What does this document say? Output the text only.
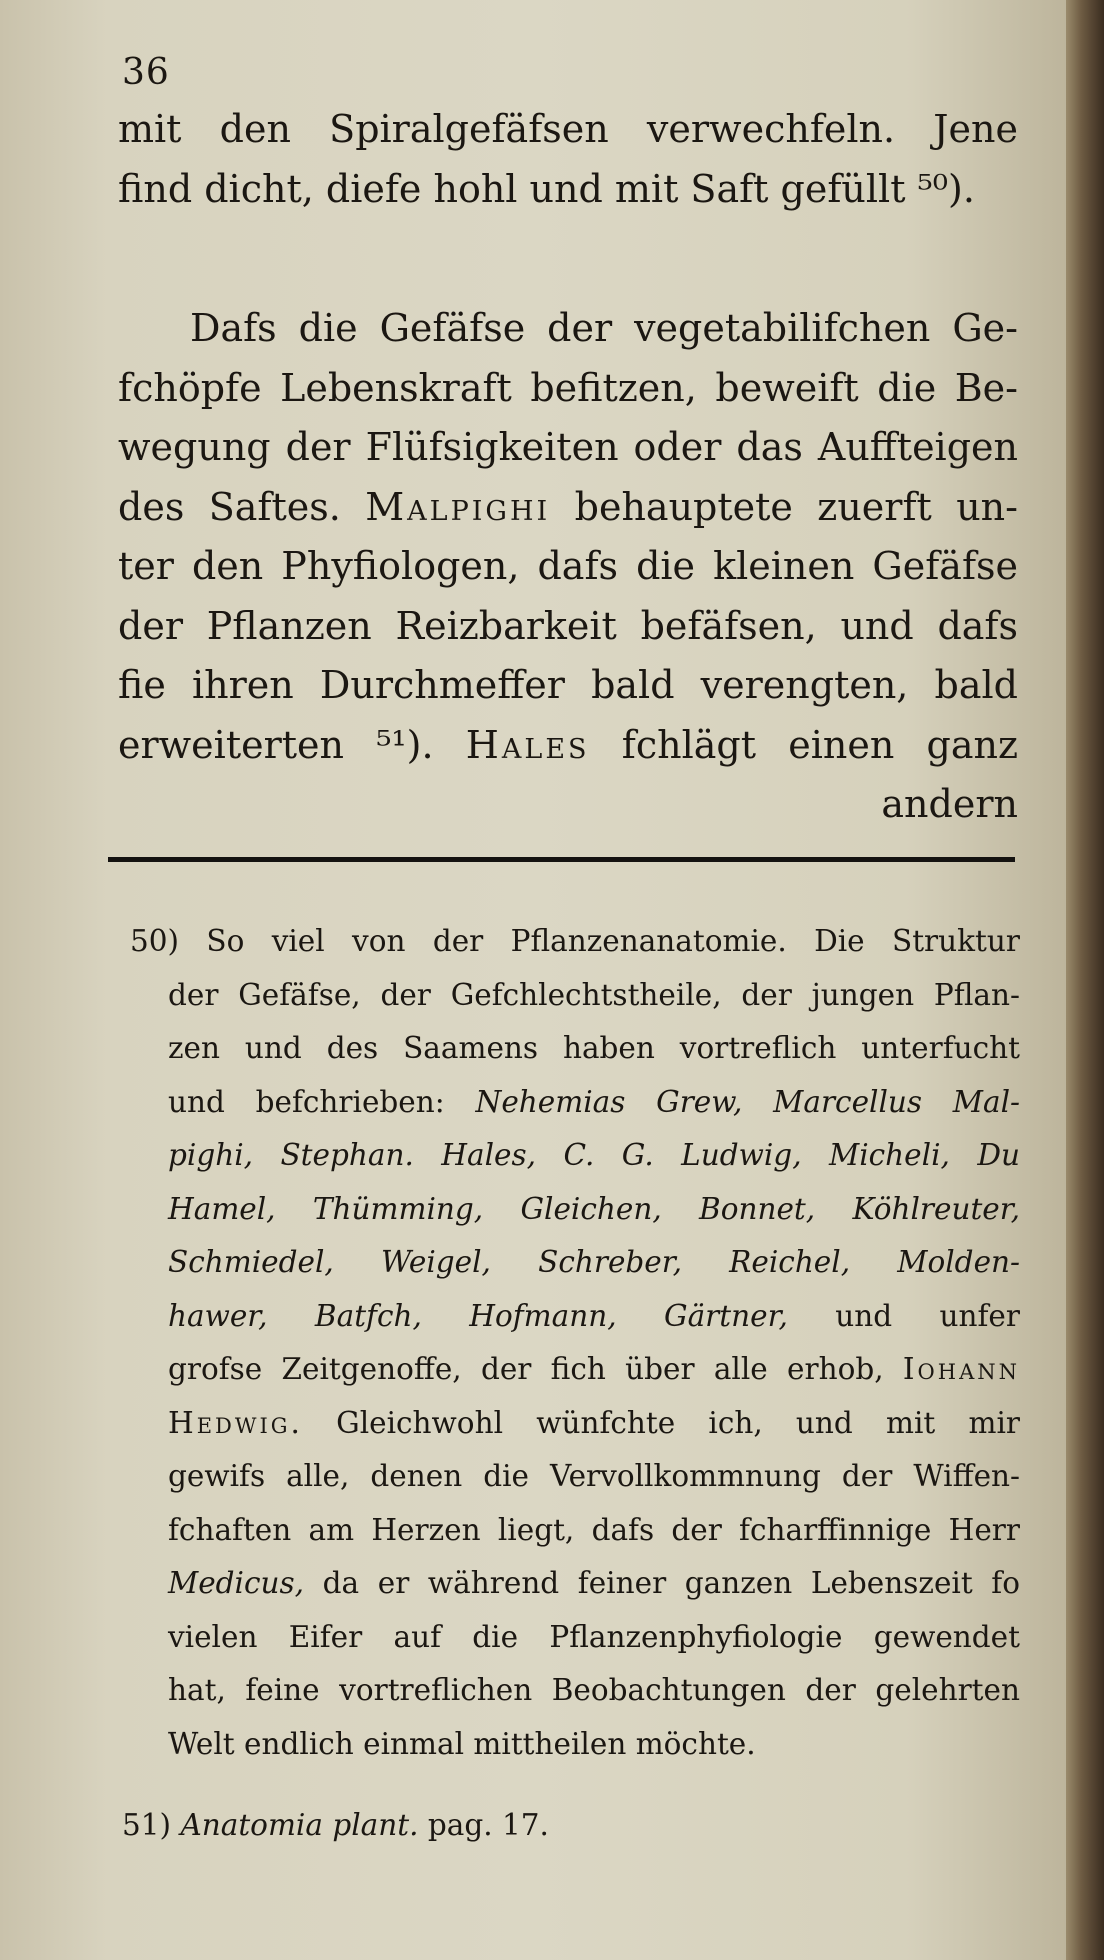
36
mit den Spiralgefäfsen verwechfeln. Jene
find dicht, diefe hohl und mit Saft gefüllt ⁵⁰).
Dafs die Gefäfse der vegetabilifchen Ge-
fchöpfe Lebenskraft befitzen, beweift die Be-
wegung der Flüfsigkeiten oder das Auffteigen
des Saftes. Malpighi behauptete zuerft un-
ter den Phyfiologen, dafs die kleinen Gefäfse
der Pflanzen Reizbarkeit befäfsen, und dafs
fie ihren Durchmeffer bald verengten, bald
erweiterten ⁵¹). Hales fchlägt einen ganz
andern
50) So viel von der Pflanzenanatomie. Die Struktur
der Gefäfse, der Gefchlechtstheile, der jungen Pflan-
zen und des Saamens haben vortreflich unterfucht
und befchrieben: Nehemias Grew, Marcellus Mal-
pighi, Stephan. Hales, C. G. Ludwig, Micheli, Du
Hamel, Thümming, Gleichen, Bonnet, Köhlreuter,
Schmiedel, Weigel, Schreber, Reichel, Molden-
hawer, Batfch, Hofmann, Gärtner, und unfer
grofse Zeitgenoffe, der fich über alle erhob, Iohann
Hedwig. Gleichwohl wünfchte ich, und mit mir
gewifs alle, denen die Vervollkommnung der Wiffen-
fchaften am Herzen liegt, dafs der fcharffinnige Herr
Medicus, da er während feiner ganzen Lebenszeit fo
vielen Eifer auf die Pflanzenphyfiologie gewendet
hat, feine vortreflichen Beobachtungen der gelehrten
Welt endlich einmal mittheilen möchte.
51) Anatomia plant. pag. 17.
